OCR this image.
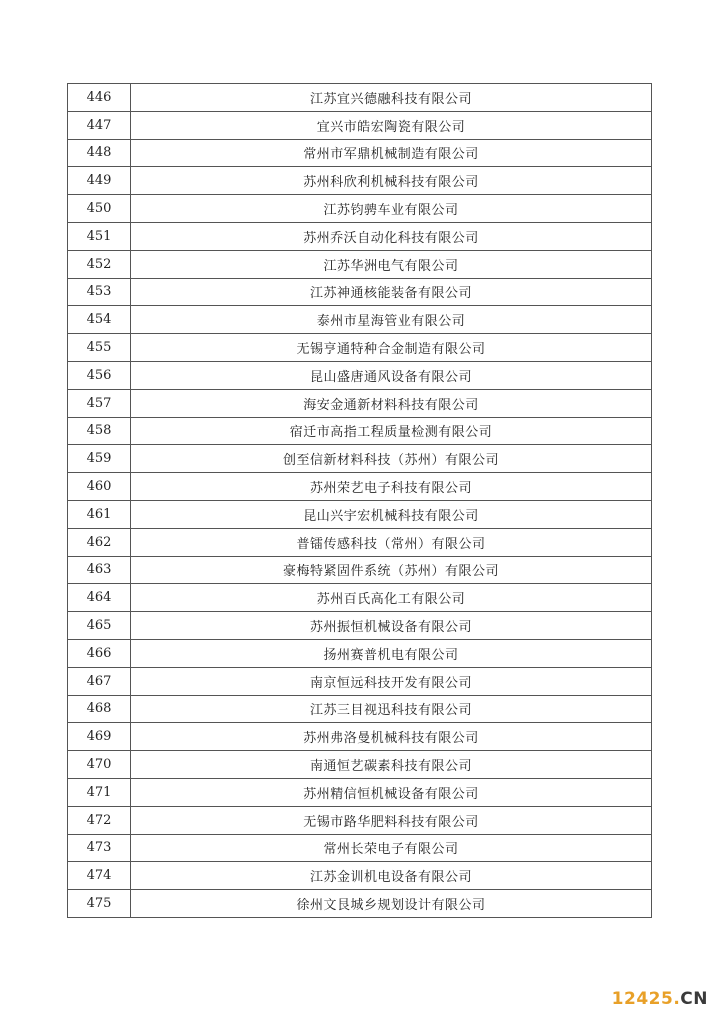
446	江苏宜兴德融科技有限公司
447	宜兴市皓宏陶瓷有限公司
448	常州市军鼎机械制造有限公司
449	苏州科欣利机械科技有限公司
450	江苏钧骋车业有限公司
451	苏州乔沃自动化科技有限公司
452	江苏华洲电气有限公司
453	江苏神通核能装备有限公司
454	泰州市星海管业有限公司
455	无锡亨通特种合金制造有限公司
456	昆山盛唐通风设备有限公司
457	海安金通新材料科技有限公司
458	宿迁市高指工程质量检测有限公司
459	创至信新材料科技（苏州）有限公司
460	苏州荣艺电子科技有限公司
461	昆山兴宇宏机械科技有限公司
462	普镭传感科技（常州）有限公司
463	豪梅特紧固件系统（苏州）有限公司
464	苏州百氏高化工有限公司
465	苏州振恒机械设备有限公司
466	扬州赛普机电有限公司
467	南京恒远科技开发有限公司
468	江苏三目视迅科技有限公司
469	苏州弗洛曼机械科技有限公司
470	南通恒艺碳素科技有限公司
471	苏州精信恒机械设备有限公司
472	无锡市路华肥料科技有限公司
473	常州长荣电子有限公司
474	江苏金训机电设备有限公司
475	徐州文艮城乡规划设计有限公司
12425.CN
